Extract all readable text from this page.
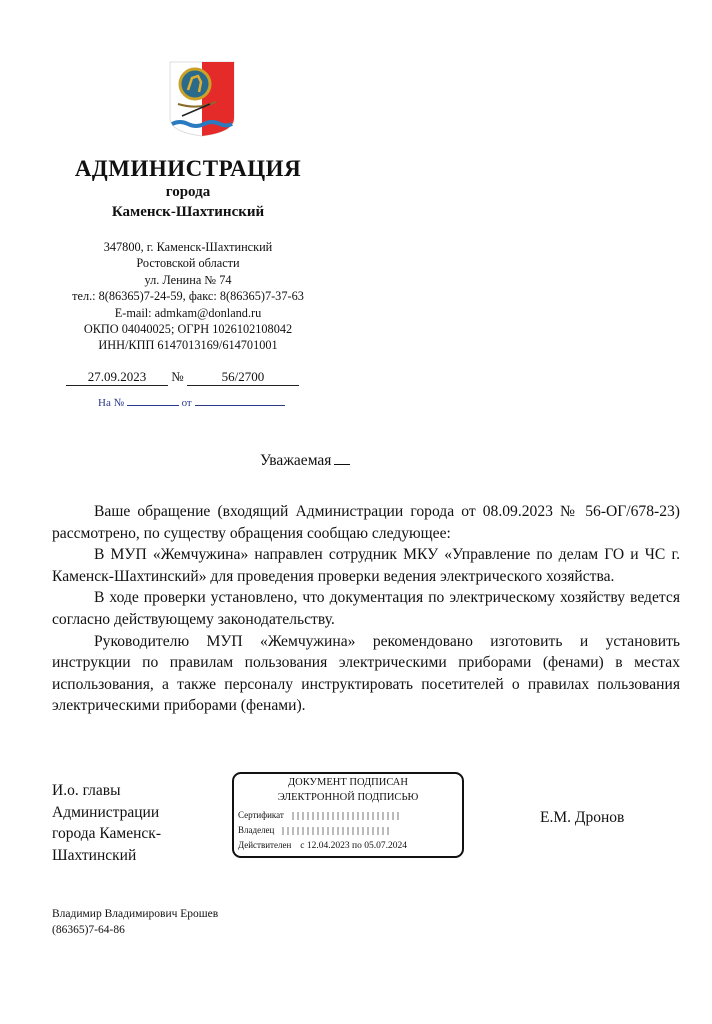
АДМИНИСТРАЦИЯ
города
Каменск-Шахтинский
347800, г. Каменск-Шахтинский
Ростовской области
ул. Ленина № 74
тел.: 8(86365)7-24-59, факс: 8(86365)7-37-63
E-mail: admkam@donland.ru
ОКПО 04040025; ОГРН 1026102108042
ИНН/КПП 6147013169/614701001
27.09.2023 №	56/2700
На №	от
Уважаемая

Ваше обращение (входящий Администрации города от 08.09.2023 № 56-ОГ/678-23) рассмотрено, по существу обращения сообщаю следующее:

В МУП «Жемчужина» направлен сотрудник МКУ «Управление по делам ГО и ЧС г. Каменск-Шахтинский» для проведения проверки ведения электрического хозяйства.

В ходе проверки установлено, что документация по электрическому хозяйству ведется согласно действующему законодательству.

Руководителю МУП «Жемчужина» рекомендовано изготовить и установить инструкции по правилам пользования электрическими приборами (фенами) в местах использования, а также персоналу инструктировать посетителей о правилах пользования электрическими приборами (фенами).

И.о. главы
Администрации
города Каменск-
Шахтинский
ДОКУМЕНТ ПОДПИСАН
ЭЛЕКТРОННОЙ ПОДПИСЬЮ
Сертификат
Владелец
Действителен с 12.04.2023 по 05.07.2024
Е.М. Дронов
Владимир Владимирович Ерошев
(86365)7-64-86
